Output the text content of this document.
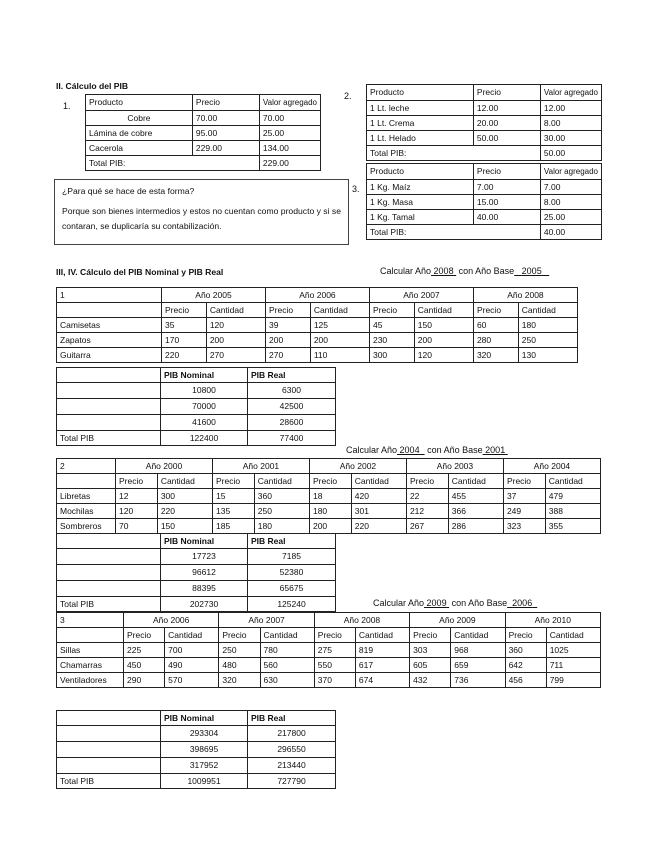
II. Cálculo del PIB
1. Producto	Precio	Valor agregado
Cobre	70.00	70.00
Lámina de cobre	95.00	25.00
Cacerola	229.00	134.00
Total PIB:		229.00
¿Para qué se hace de esta forma?
Porque son bienes intermedios y estos no cuentan como producto y si se contaran, se duplicaría su contabilización.
2. Producto	Precio	Valor agregado
1 Lt. leche	12.00	12.00
1 Lt. Crema	20.00	8.00
1 Lt. Helado	50.00	30.00
Total PIB:		50.00
3.
Producto	Precio	Valor agregado
1 Kg. Maíz	7.00	7.00
1 Kg. Masa	15.00	8.00
1 Kg. Tamal	40.00	25.00
Total PIB:		40.00
III, IV. Cálculo del PIB Nominal y PIB Real	Calcular Año 2008 con Año Base 2005
1	Año 2005		Año 2006		Año 2007		Año 2008	
	Precio	Cantidad	Precio	Cantidad	Precio	Cantidad	Precio	Cantidad
Camisetas	35	120	39	125	45	150	60	180
Zapatos	170	200	200	200	230	200	280	250
Guitarra	220	270	270	110	300	120	320	130
	PIB Nominal	PIB Real
	10800	6300
	70000	42500
	41600	28600
Total PIB	122400	77400
Calcular Año 2004 con Año Base 2001
2	Año 2000		Año 2001		Año 2002		Año 2003		Año 2004	
	Precio	Cantidad	Precio	Cantidad	Precio	Cantidad	Precio	Cantidad	Precio	Cantidad
Libretas	12	300	15	360	18	420	22	455	37	479
Mochilas	120	220	135	250	180	301	212	366	249	388
Sombreros	70	150	185	180	200	220	267	286	323	355
	PIB Nominal	PIB Real
	17723	7185
	96612	52380
	88395	65675
Total PIB	202730	125240	Calcular Año 2009 con Año Base 2006
3	Año 2006		Año 2007		Año 2008		Año 2009		Año 2010	
	Precio	Cantidad	Precio	Cantidad	Precio	Cantidad	Precio	Cantidad	Precio	Cantidad
Sillas	225	700	250	780	275	819	303	968	360	1025
Chamarras	450	490	480	560	550	617	605	659	642	711
Ventiladores	290	570	320	630	370	674	432	736	456	799
	PIB Nominal	PIB Real
	293304	217800
	398695	296550
	317952	213440
Total PIB	1009951	727790
